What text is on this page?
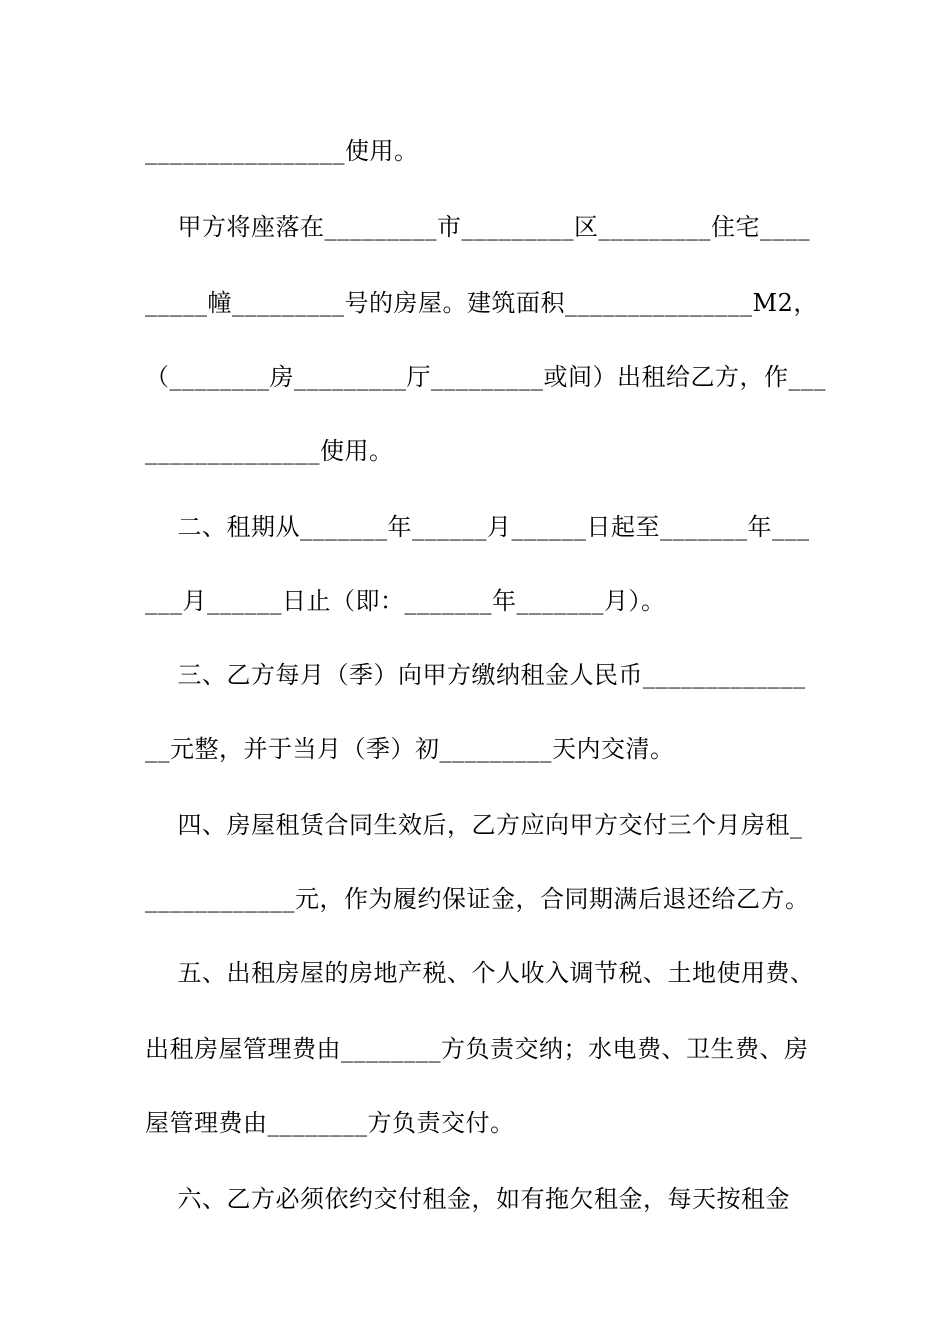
________________使用。
甲方将座落在_________市_________区_________住宅____
_____幢_________号的房屋。建筑面积_______________M2，
（________房_________厅_________或间）出租给乙方，作___
______________使用。
二、租期从_______年______月______日起至_______年___
___月______日止（即：_______年_______月）。
三、乙方每月（季）向甲方缴纳租金人民币_____________
__元整，并于当月（季）初_________天内交清。
四、房屋租赁合同生效后，乙方应向甲方交付三个月房租_
____________元，作为履约保证金，合同期满后退还给乙方。
五、出租房屋的房地产税、个人收入调节税、土地使用费、
出租房屋管理费由________方负责交纳；水电费、卫生费、房
屋管理费由________方负责交付。
六、乙方必须依约交付租金，如有拖欠租金，每天按租金
